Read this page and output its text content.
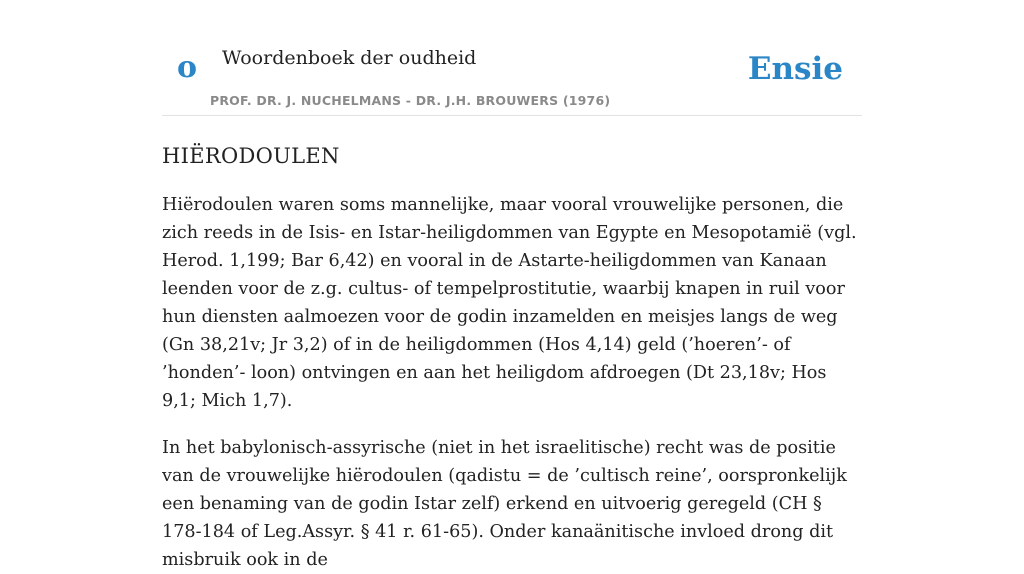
o Woordenboek der oudheid
PROF. DR. J. NUCHELMANS - DR. J.H. BROUWERS (1976)
Ensie
HIËRODOULEN

Hiërodoulen waren soms mannelijke, maar vooral vrouwelijke personen, die zich reeds in de Isis- en Istar-heiligdommen van Egypte en Mesopotamië (vgl. Herod. 1,199; Bar 6,42) en vooral in de Astarte-heiligdommen van Kanaan leenden voor de z.g. cultus- of tempelprostitutie, waarbij knapen in ruil voor hun diensten aalmoezen voor de godin inzamelden en meisjes langs de weg (Gn 38,21v; Jr 3,2) of in de heiligdommen (Hos 4,14) geld (’hoeren’- of ’honden’- loon) ontvingen en aan het heiligdom afdroegen (Dt 23,18v; Hos 9,1; Mich 1,7).

In het babylonisch-assyrische (niet in het israelitische) recht was de positie van de vrouwelijke hiërodoulen (qadistu = de ’cultisch reine’, oorspronkelijk een benaming van de godin Istar zelf) erkend en uitvoerig geregeld (CH § 178-184 of Leg.Assyr. § 41 r. 61-65). Onder kanaänitische invloed drong dit misbruik ook in de
